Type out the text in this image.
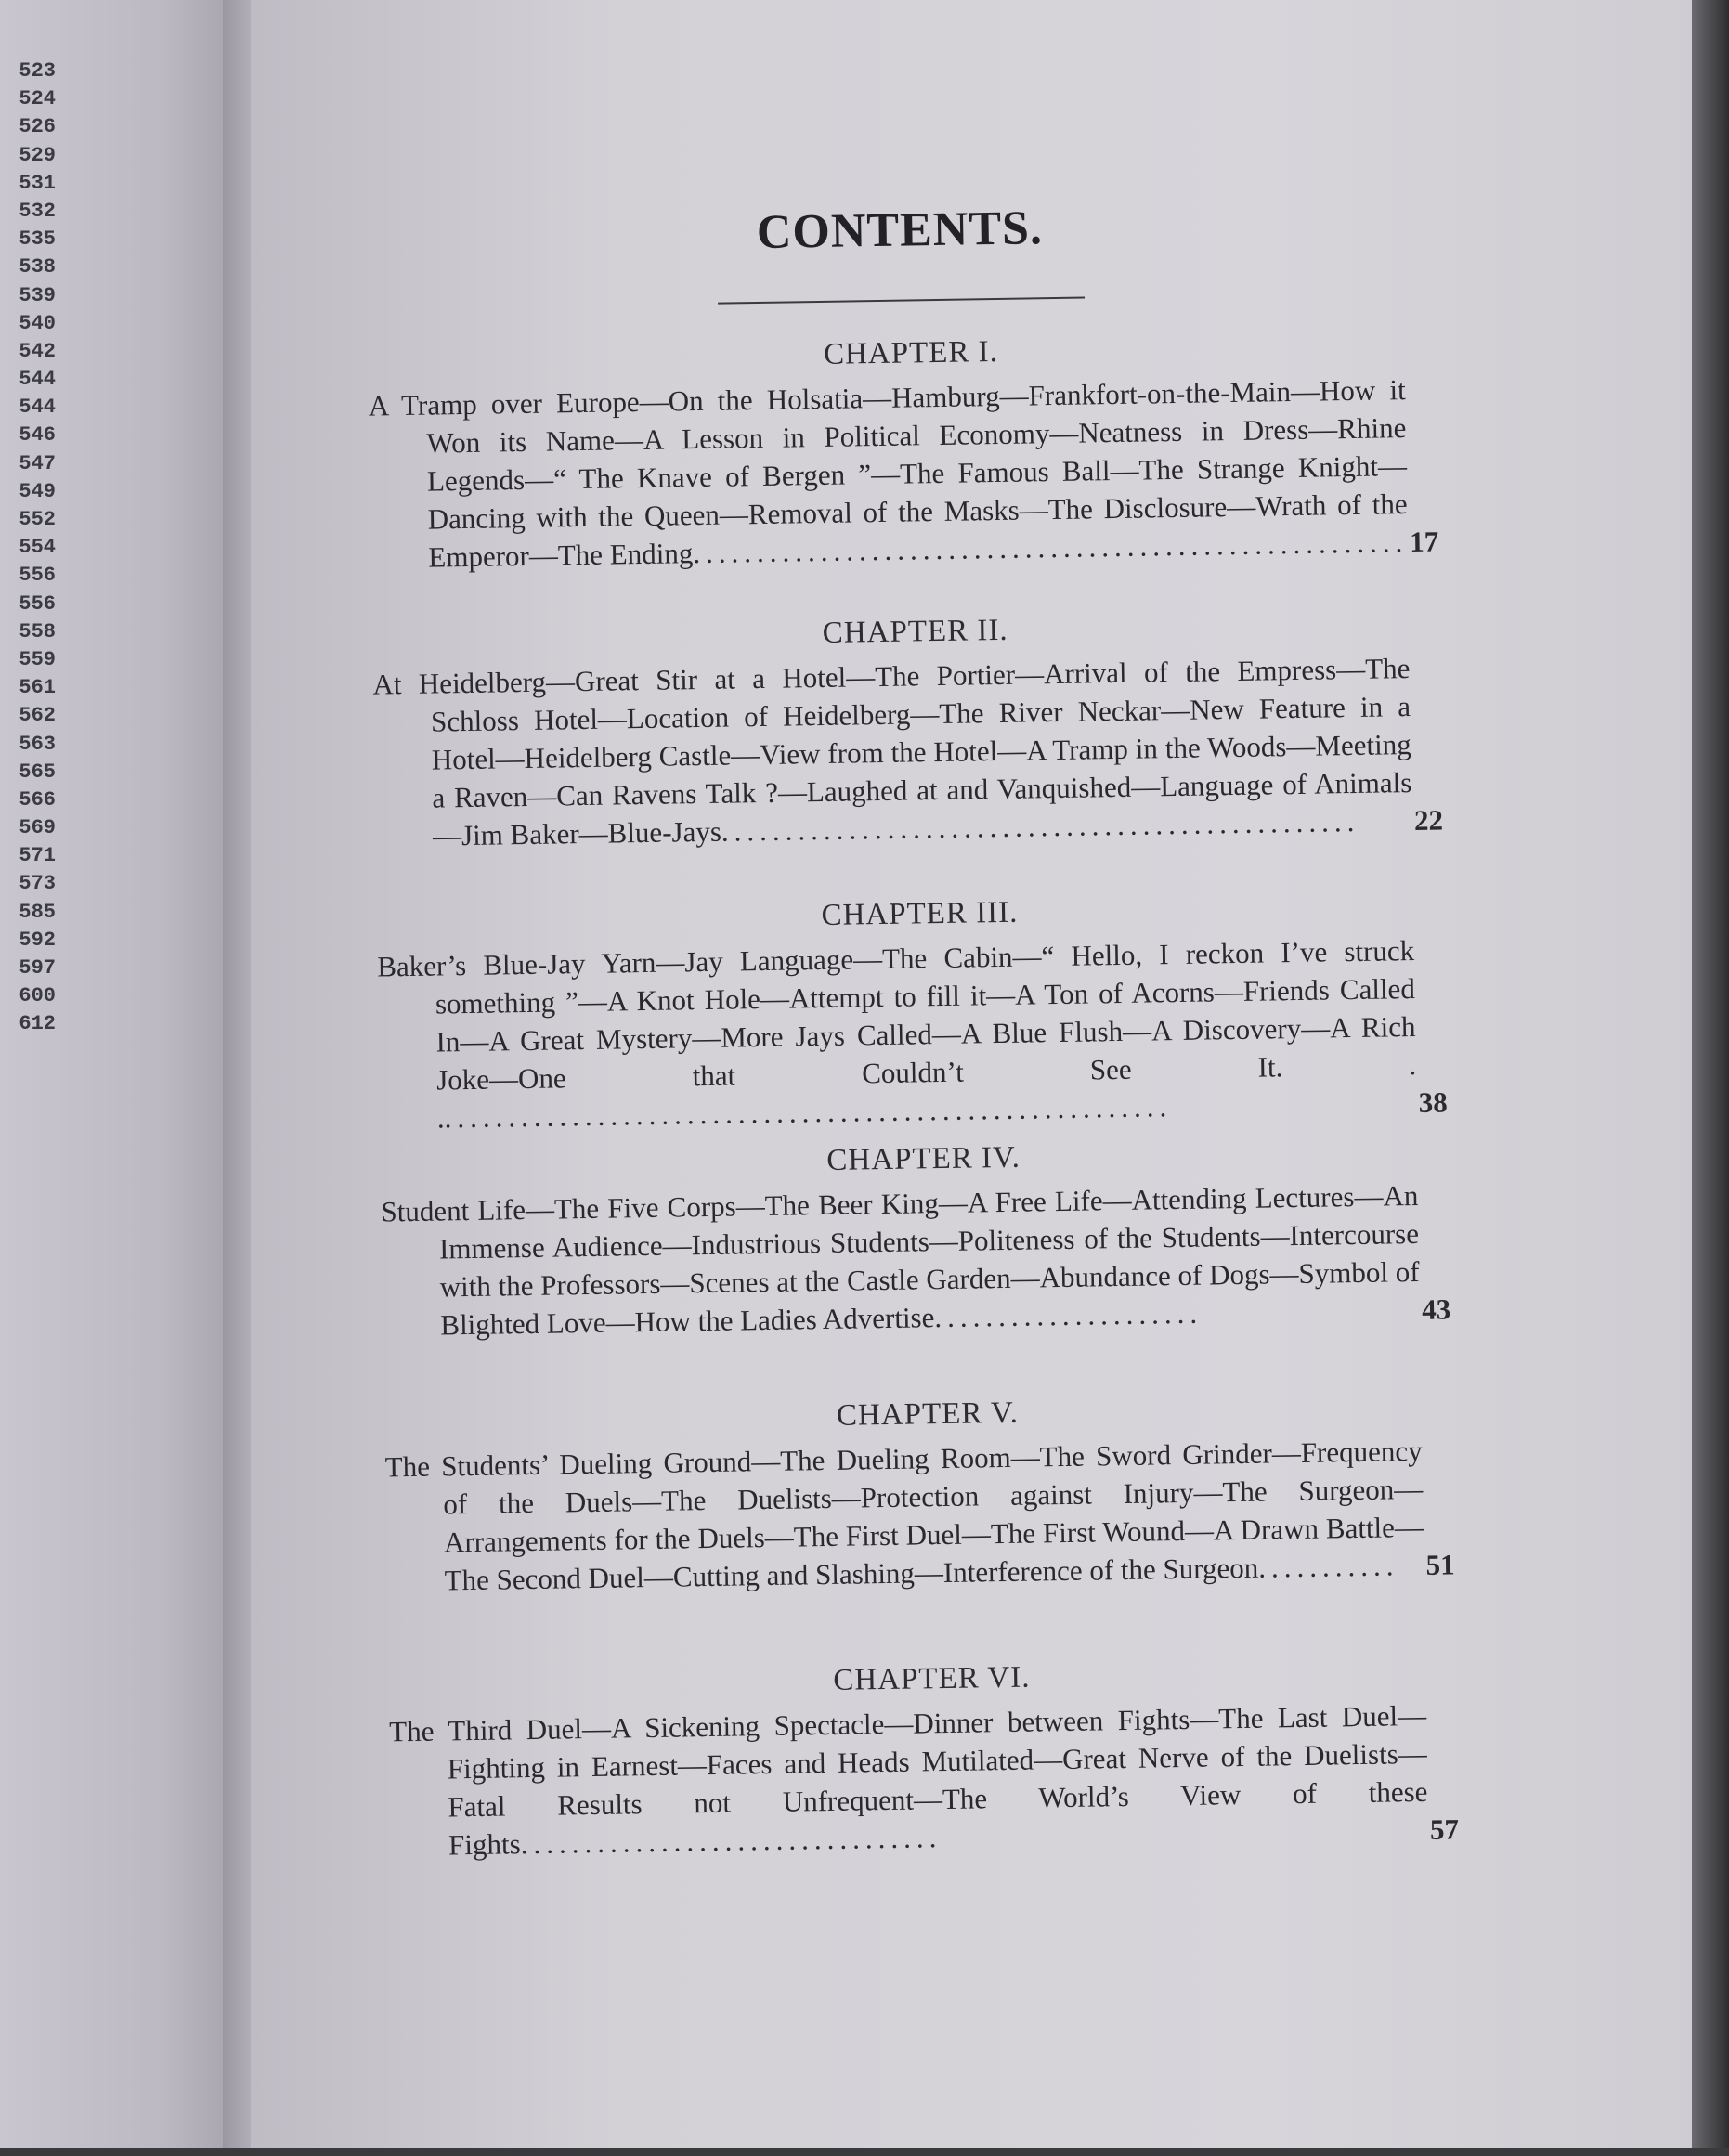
523
524
526
529
531
532
535
538
539
540
542
544
544
546
547
549
552
554
556
556
558
559
561
562
563
565
566
569
571
573
585
592
597
600
612
CONTENTS.
CHAPTER I.
A Tramp over Europe—On the Holsatia—Hamburg—Frankfort-on-the-Main—How it Won its Name—A Lesson in Political Economy—Neatness in Dress—Rhine Legends—“ The Knave of Bergen ”—The Famous Ball—The Strange Knight—Dancing with the Queen—Removal of the Masks—The Disclosure—Wrath of the Emperor—The Ending........................................................ 17
CHAPTER II.
At Heidelberg—Great Stir at a Hotel—The Portier—Arrival of the Empress—The Schloss Hotel—Location of Heidelberg—The River Neckar—New Feature in a Hotel—Heidelberg Castle—View from the Hotel—A Tramp in the Woods—Meeting a Raven—Can Ravens Talk ?—Laughed at and Vanquished—Language of Animals—Jim Baker—Blue-Jays..................................................	22
CHAPTER III.
Baker’s Blue-Jay Yarn—Jay Language—The Cabin—“ Hello, I reckon I’ve struck something ”—A Knot Hole—Attempt to fill it—A Ton of Acorns—Friends Called In—A Great Mystery—More Jays Called—A Blue Flush—A Discovery—A Rich Joke—One that Couldn’t See It. . ..........................................................	38
CHAPTER IV.
Student Life—The Five Corps—The Beer King—A Free Life—Attending Lectures—An Immense Audience—Industrious Students—Politeness of the Students—Intercourse with the Professors—Scenes at the Castle Garden—Abundance of Dogs—Symbol of Blighted Love—How the Ladies Advertise.....................	43
CHAPTER V.
The Students’ Dueling Ground—The Dueling Room—The Sword Grinder—Frequency of the Duels—The Duelists—Protection against Injury—The Surgeon—Arrangements for the Duels—The First Duel—The First Wound—A Drawn Battle—The Second Duel—Cutting and Slashing—Interference of the Surgeon........... 51
CHAPTER VI.
The Third Duel—A Sickening Spectacle—Dinner between Fights—The Last Duel—Fighting in Earnest—Faces and Heads Mutilated—Great Nerve of the Duelists—Fatal Results not Unfrequent—The World’s View of these Fights.................................	57
